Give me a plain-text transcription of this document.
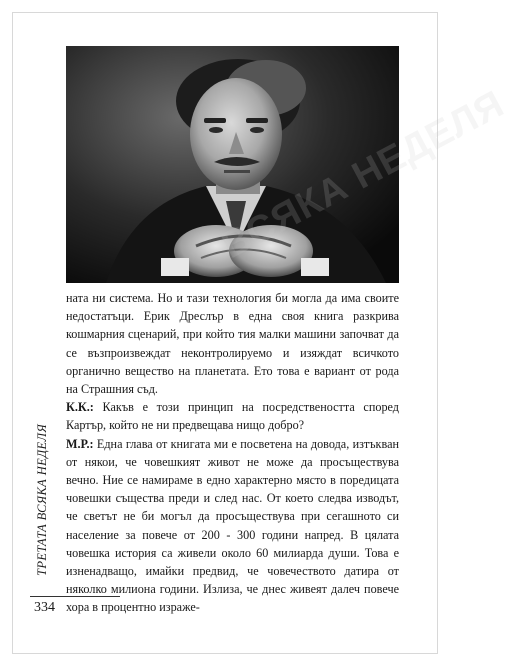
НЕДЕЛЯ

ната ни система. Но и тази технология би могла да има своите недостатъци. Ерик Дреслър в една своя книга разкрива кошмарния сценарий, при който тия малки машини започват да се възпроизвеждат неконтролируемо и изяждат всичкото органично вещество на планетата. Ето това е вариант от рода на Страшния съд.

К.К.: Какъв е този принцип на посредствеността според Картър, който не ни предвещава нищо добро?

М.Р.: Една глава от книгата ми е посветена на довода, изтъкван от някои, че човешкият живот не може да просъществува вечно. Ние се намираме в едно характерно място в поредицата човешки същества преди и след нас. От което следва изводът, че светът не би могъл да просъществува при сегашното си население за повече от 200 - 300 години напред. В цялата човешка история са живели около 60 милиарда души. Това е изненадващо, имайки предвид, че човечеството датира от няколко милиона години. Излиза, че днес живеят далеч повече хора в процентно израже-

ТРЕТАТА ВСЯКА НЕДЕЛЯ
334
